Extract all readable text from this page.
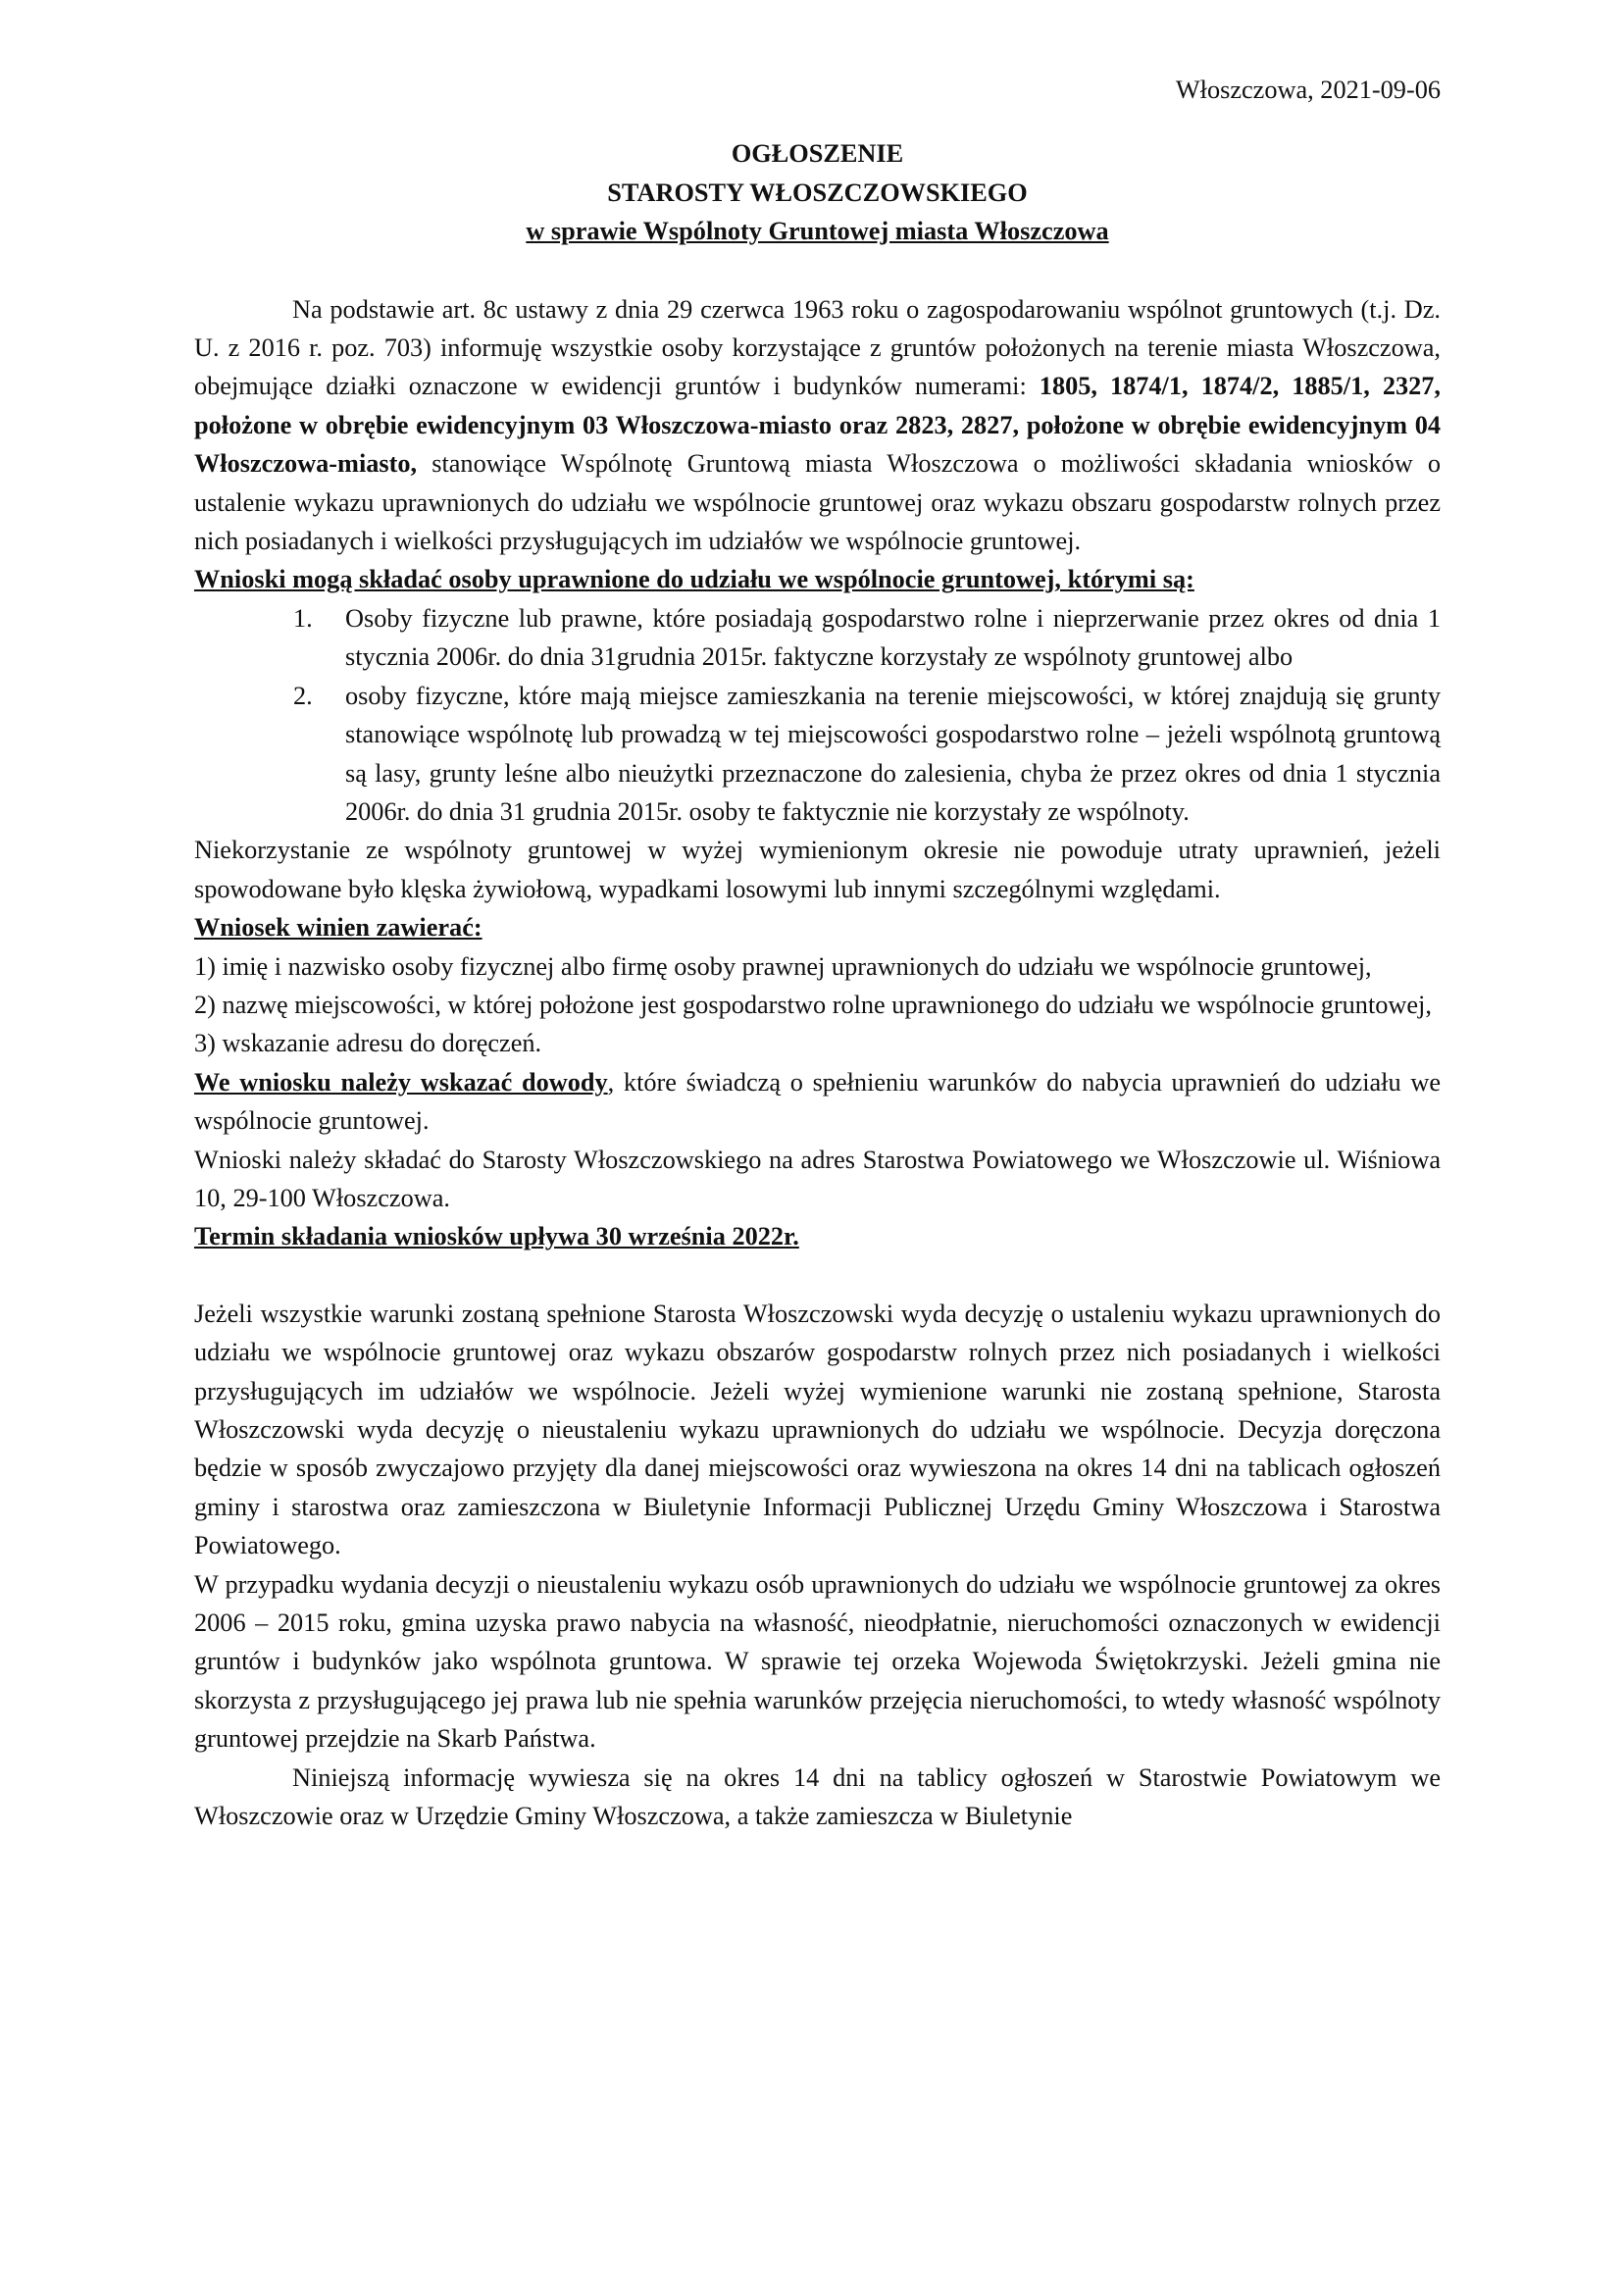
Włoszczowa, 2021-09-06

OGŁOSZENIE

STAROSTY WŁOSZCZOWSKIEGO

w sprawie Wspólnoty Gruntowej miasta Włoszczowa

Na podstawie art. 8c ustawy z dnia 29 czerwca 1963 roku o zagospodarowaniu wspólnot gruntowych (t.j. Dz. U. z 2016 r. poz. 703) informuję wszystkie osoby korzystające z gruntów położonych na terenie miasta Włoszczowa, obejmujące działki oznaczone w ewidencji gruntów i budynków numerami: 1805, 1874/1, 1874/2, 1885/1, 2327, położone w obrębie ewidencyjnym 03 Włoszczowa-miasto oraz 2823, 2827, położone w obrębie ewidencyjnym 04 Włoszczowa-miasto, stanowiące Wspólnotę Gruntową miasta Włoszczowa o możliwości składania wniosków o ustalenie wykazu uprawnionych do udziału we wspólnocie gruntowej oraz wykazu obszaru gospodarstw rolnych przez nich posiadanych i wielkości przysługujących im udziałów we wspólnocie gruntowej.

Wnioski mogą składać osoby uprawnione do udziału we wspólnocie gruntowej, którymi są:

1. Osoby fizyczne lub prawne, które posiadają gospodarstwo rolne i nieprzerwanie przez okres od dnia 1 stycznia 2006r. do dnia 31grudnia 2015r. faktyczne korzystały ze wspólnoty gruntowej albo
2. osoby fizyczne, które mają miejsce zamieszkania na terenie miejscowości, w której znajdują się grunty stanowiące wspólnotę lub prowadzą w tej miejscowości gospodarstwo rolne – jeżeli wspólnotą gruntową są lasy, grunty leśne albo nieużytki przeznaczone do zalesienia, chyba że przez okres od dnia 1 stycznia 2006r. do dnia 31 grudnia 2015r. osoby te faktycznie nie korzystały ze wspólnoty.

Niekorzystanie ze wspólnoty gruntowej w wyżej wymienionym okresie nie powoduje utraty uprawnień, jeżeli spowodowane było klęska żywiołową, wypadkami losowymi lub innymi szczególnymi względami.

Wniosek winien zawierać:

1) imię i nazwisko osoby fizycznej albo firmę osoby prawnej uprawnionych do udziału we wspólnocie gruntowej,
2) nazwę miejscowości, w której położone jest gospodarstwo rolne uprawnionego do udziału we wspólnocie gruntowej,
3) wskazanie adresu do doręczeń.

We wniosku należy wskazać dowody, które świadczą o spełnieniu warunków do nabycia uprawnień do udziału we wspólnocie gruntowej.

Wnioski należy składać do Starosty Włoszczowskiego na adres Starostwa Powiatowego we Włoszczowie ul. Wiśniowa 10, 29-100 Włoszczowa.

Termin składania wniosków upływa 30 września 2022r.

Jeżeli wszystkie warunki zostaną spełnione Starosta Włoszczowski wyda decyzję o ustaleniu wykazu uprawnionych do udziału we wspólnocie gruntowej oraz wykazu obszarów gospodarstw rolnych przez nich posiadanych i wielkości przysługujących im udziałów we wspólnocie. Jeżeli wyżej wymienione warunki nie zostaną spełnione, Starosta Włoszczowski wyda decyzję o nieustaleniu wykazu uprawnionych do udziału we wspólnocie. Decyzja doręczona będzie w sposób zwyczajowo przyjęty dla danej miejscowości oraz wywieszona na okres 14 dni na tablicach ogłoszeń gminy i starostwa oraz zamieszczona w Biuletynie Informacji Publicznej Urzędu Gminy Włoszczowa i Starostwa Powiatowego.

W przypadku wydania decyzji o nieustaleniu wykazu osób uprawnionych do udziału we wspólnocie gruntowej za okres 2006 – 2015 roku, gmina uzyska prawo nabycia na własność, nieodpłatnie, nieruchomości oznaczonych w ewidencji gruntów i budynków jako wspólnota gruntowa. W sprawie tej orzeka Wojewoda Świętokrzyski. Jeżeli gmina nie skorzysta z przysługującego jej prawa lub nie spełnia warunków przejęcia nieruchomości, to wtedy własność wspólnoty gruntowej przejdzie na Skarb Państwa.

Niniejszą informację wywiesza się na okres 14 dni na tablicy ogłoszeń w Starostwie Powiatowym we Włoszczowie oraz w Urzędzie Gminy Włoszczowa, a także zamieszcza w Biuletynie
